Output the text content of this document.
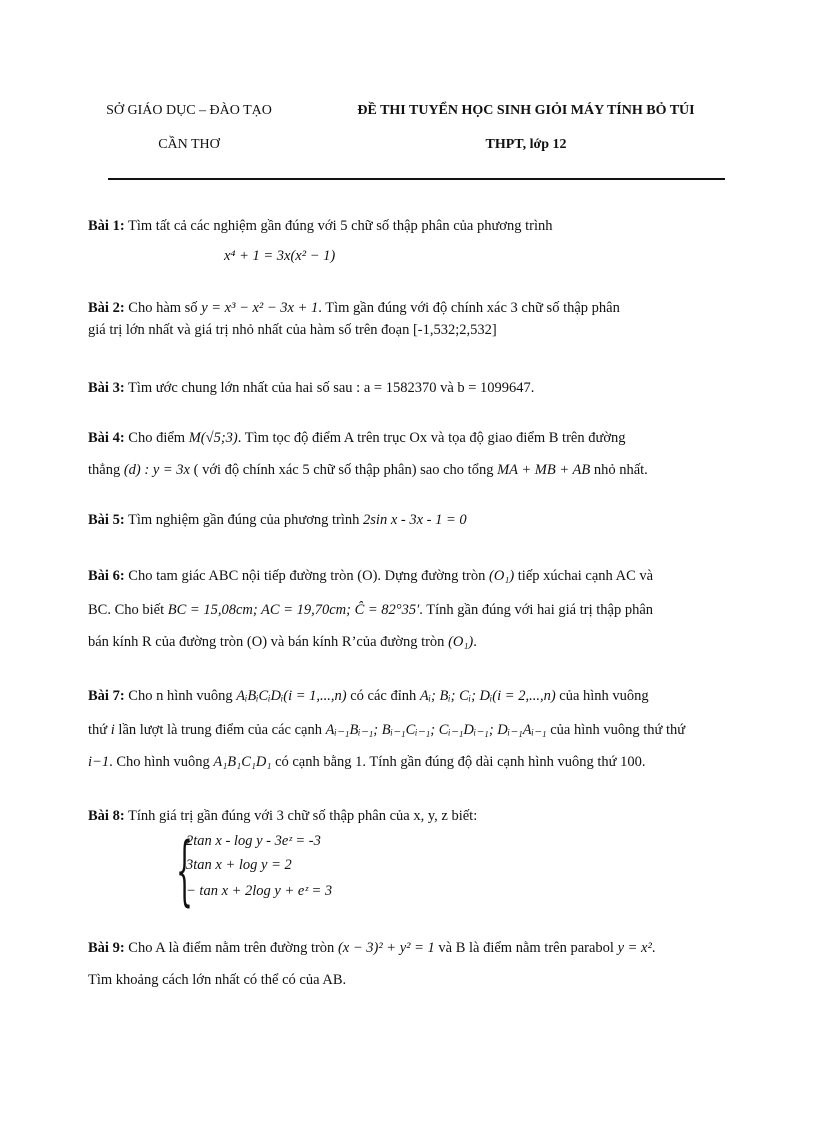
SỞ GIÁO DỤC – ĐÀO TẠO
CẦN THƠ
ĐỀ THI TUYỂN HỌC SINH GIỎI MÁY TÍNH BỎ TÚI
THPT, lớp 12
Bài 1: Tìm tất cả các nghiệm gần đúng với 5 chữ số thập phân của phương trình
x⁴ + 1 = 3x(x² − 1)
Bài 2: Cho hàm số y = x³ − x² − 3x + 1. Tìm gần đúng với độ chính xác 3 chữ số thập phân
giá trị lớn nhất và giá trị nhỏ nhất của hàm số trên đoạn [-1,532;2,532]
Bài 3: Tìm ước chung lớn nhất của hai số sau : a = 1582370 và b = 1099647.
Bài 4: Cho điểm M(√5;3). Tìm tọc độ điểm A trên trục Ox và tọa độ giao điểm B trên đường
thẳng (d) : y = 3x ( với độ chính xác 5 chữ số thập phân) sao cho tổng MA + MB + AB nhỏ nhất.
Bài 5: Tìm nghiệm gần đúng của phương trình 2sin x - 3x - 1 = 0
Bài 6: Cho tam giác ABC nội tiếp đường tròn (O). Dựng đường tròn (O₁) tiếp xúchai cạnh AC và
BC. Cho biết BC = 15,08cm; AC = 19,70cm; Ĉ = 82°35′. Tính gần đúng với hai giá trị thập phân
bán kính R của đường tròn (O) và bán kính R’của đường tròn (O₁).
Bài 7: Cho n hình vuông AᵢBᵢCᵢDᵢ(i = 1,...,n) có các đỉnh Aᵢ; Bᵢ; Cᵢ; Dᵢ(i = 2,...,n) của hình vuông
thứ i lần lượt là trung điểm của các cạnh Aᵢ₋₁Bᵢ₋₁; Bᵢ₋₁Cᵢ₋₁; Cᵢ₋₁Dᵢ₋₁; Dᵢ₋₁Aᵢ₋₁ của hình vuông thứ thứ
i−1. Cho hình vuông A₁B₁C₁D₁ có cạnh bằng 1. Tính gần đúng độ dài cạnh hình vuông thứ 100.
Bài 8: Tính giá trị gần đúng với 3 chữ số thập phân của x, y, z biết:
{
2tan x - log y - 3eᶻ = -3
3tan x + log y = 2
− tan x + 2log y + eᶻ = 3
Bài 9: Cho A là điểm nằm trên đường tròn (x − 3)² + y² = 1 và B là điểm nằm trên parabol y = x².
Tìm khoảng cách lớn nhất có thể có của AB.
